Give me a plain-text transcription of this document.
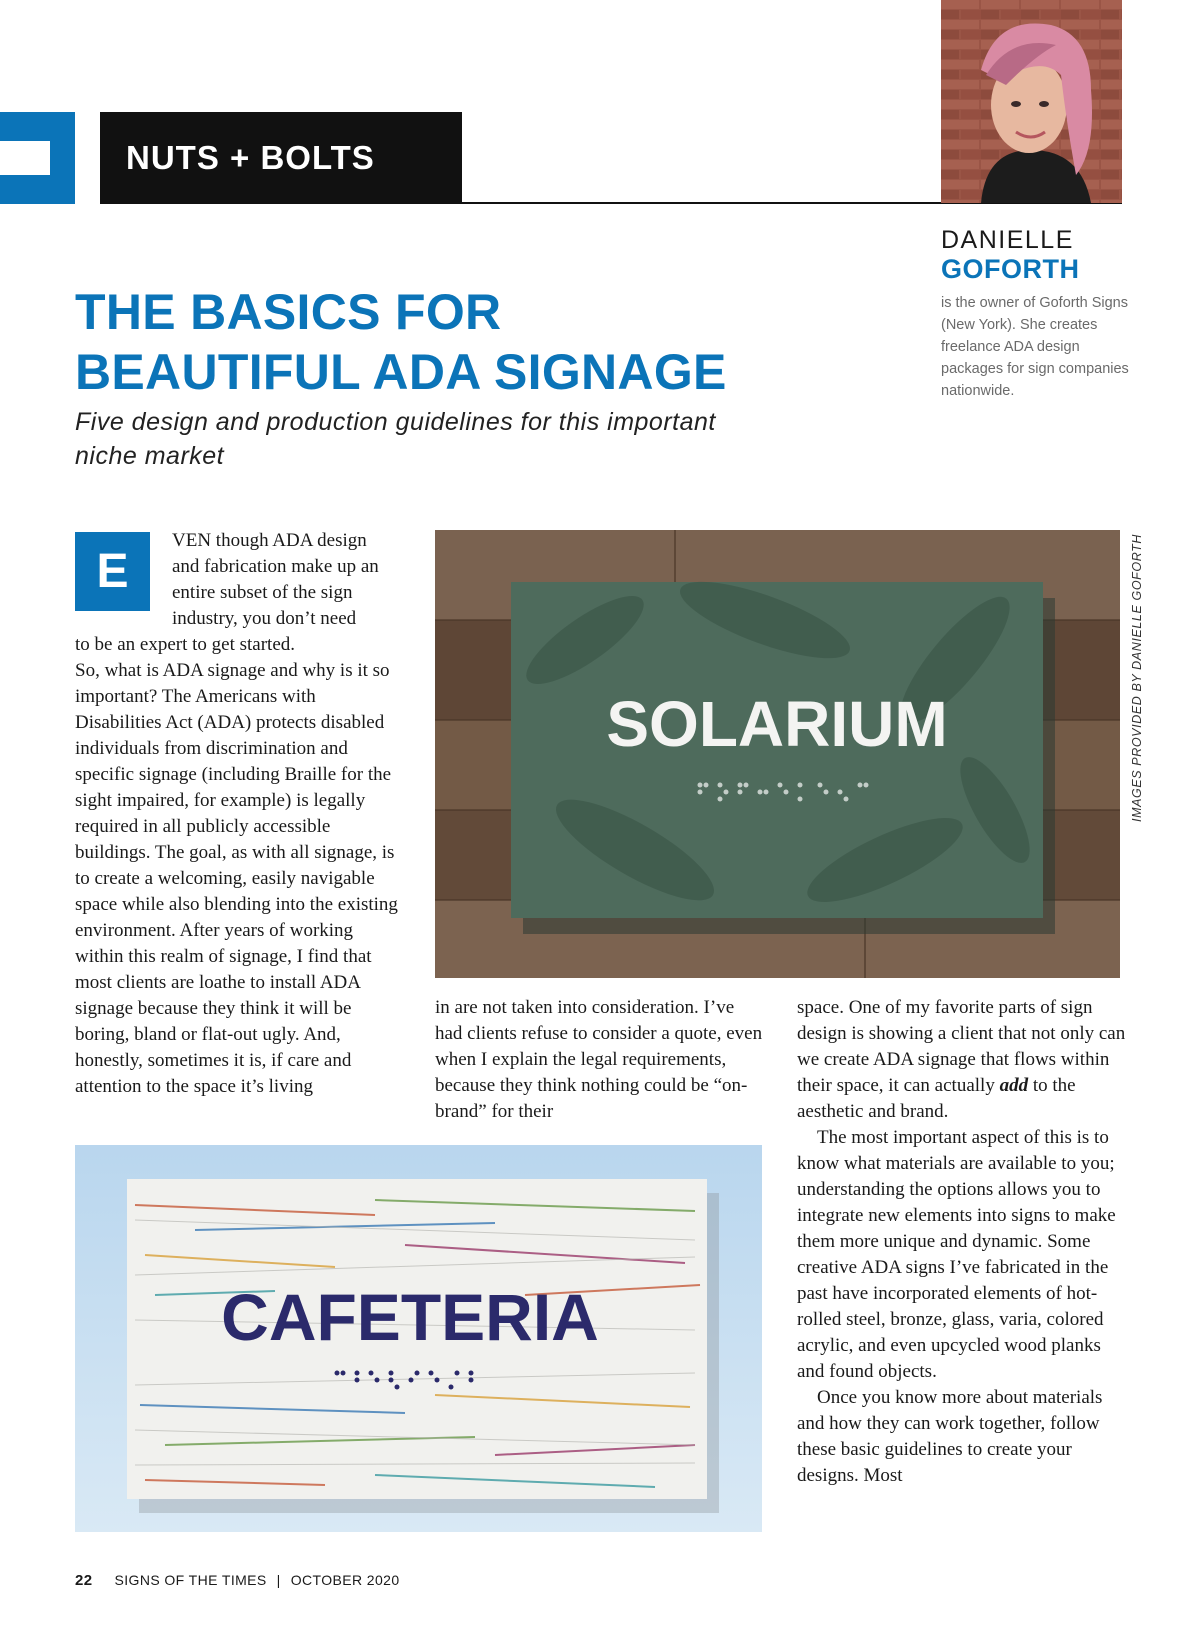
NUTS + BOLTS
DANIELLE
GOFORTH
is the owner of Goforth Signs (New York). She creates freelance ADA design packages for sign companies nationwide.
THE BASICS FOR
BEAUTIFUL ADA SIGNAGE
Five design and production guidelines for this important niche market
E
VEN though ADA design and fabrication make up an entire subset of the sign industry, you don’t need

to be an expert to get started.

So, what is ADA signage and why is it so important? The Americans with Disabilities Act (ADA) protects disabled individuals from discrimination and specific signage (including Braille for the sight impaired, for example) is legally required in all publicly accessible buildings. The goal, as with all signage, is to create a welcoming, easily navigable space while also blending into the existing environment. After years of working within this realm of signage, I find that most clients are loathe to install ADA signage because they think it will be boring, bland or flat-out ugly. And, honestly, sometimes it is, if care and attention to the space it’s living

SOLARIUM	IMAGES PROVIDED BY DANIELLE GOFORTH

in are not taken into consideration. I’ve had clients refuse to consider a quote, even when I explain the legal requirements, because they think nothing could be “on-brand” for their

space. One of my favorite parts of sign design is showing a client that not only can we create ADA signage that flows within their space, it can actually add to the aesthetic and brand.

The most important aspect of this is to know what materials are available to you; understanding the options allows you to integrate new elements into signs to make them more unique and dynamic. Some creative ADA signs I’ve fabricated in the past have incorporated elements of hot-rolled steel, bronze, glass, varia, colored acrylic, and even upcycled wood planks and found objects.

Once you know more about materials and how they can work together, follow these basic guidelines to create your designs. Most

CAFETERIA
22 SIGNS OF THE TIMES | OCTOBER 2020
